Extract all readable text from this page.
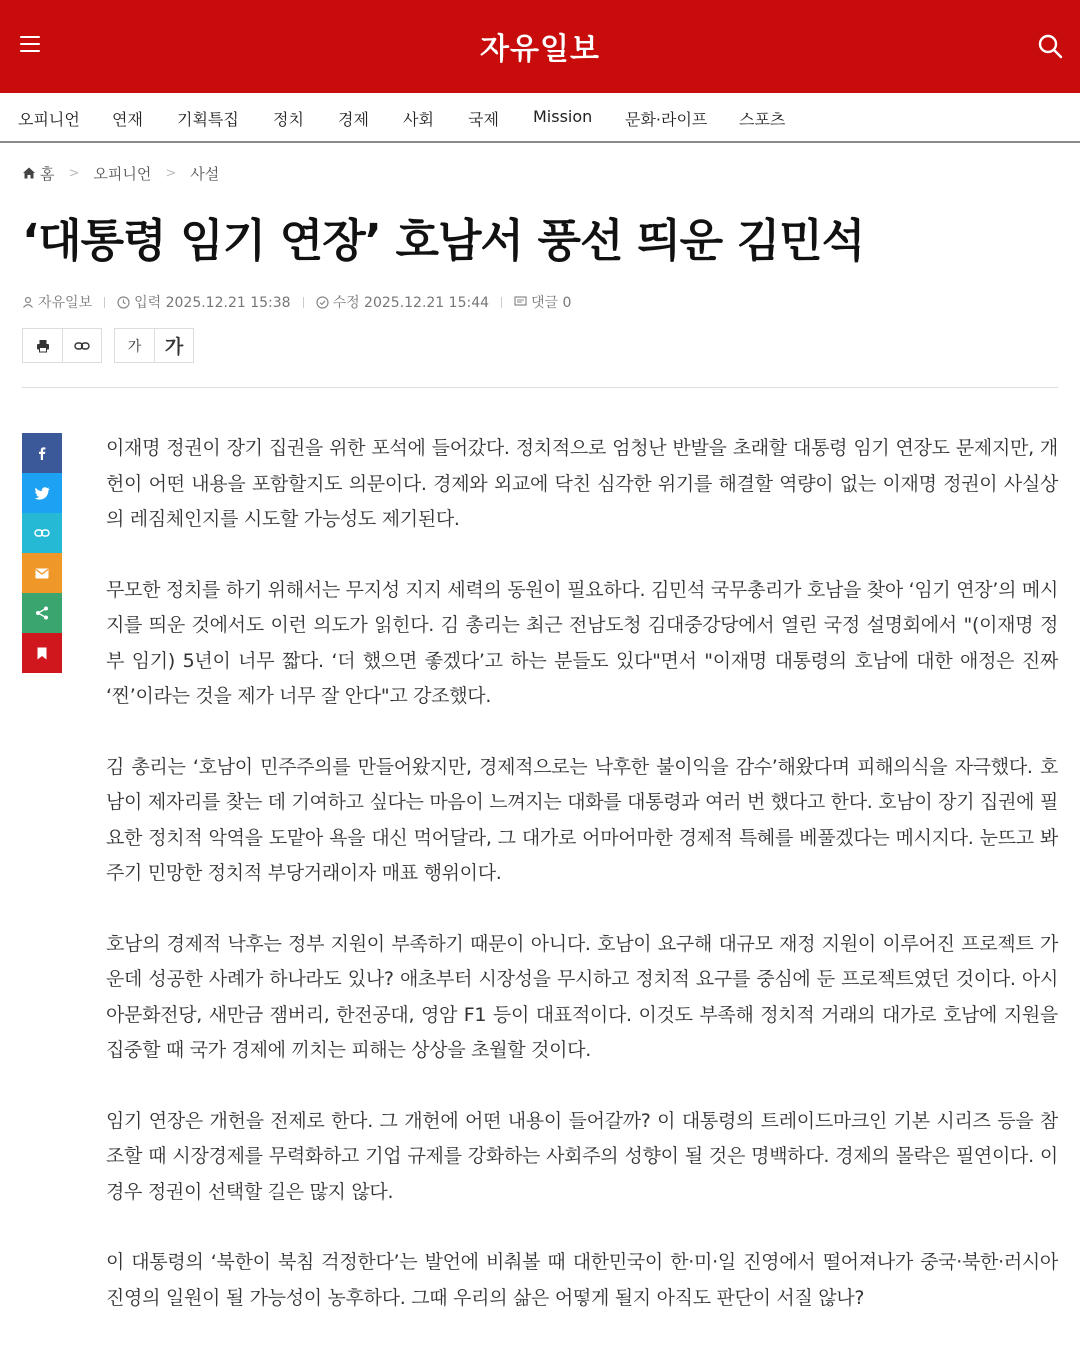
자유일보
오피니언 연재 기획특집 정치 경제 사회 국제 Mission 문화·라이프 스포츠
홈 > 오피니언 > 사설
‘대통령 임기 연장’ 호남서 풍선 띄운 김민석
자유일보	입력 2025.12.21 15:38	수정 2025.12.21 15:44	댓글 0
가	가

이재명 정권이 장기 집권을 위한 포석에 들어갔다. 정치적으로 엄청난 반발을 초래할 대통령 임기 연장도 문제지만, 개헌이 어떤 내용을 포함할지도 의문이다. 경제와 외교에 닥친 심각한 위기를 해결할 역량이 없는 이재명 정권이 사실상의 레짐체인지를 시도할 가능성도 제기된다.

무모한 정치를 하기 위해서는 무지성 지지 세력의 동원이 필요하다. 김민석 국무총리가 호남을 찾아 ‘임기 연장’의 메시지를 띄운 것에서도 이런 의도가 읽힌다. 김 총리는 최근 전남도청 김대중강당에서 열린 국정 설명회에서 "(이재명 정부 임기) 5년이 너무 짧다. ‘더 했으면 좋겠다’고 하는 분들도 있다"면서 "이재명 대통령의 호남에 대한 애정은 진짜 ‘찐’이라는 것을 제가 너무 잘 안다"고 강조했다.

김 총리는 ‘호남이 민주주의를 만들어왔지만, 경제적으로는 낙후한 불이익을 감수’해왔다며 피해의식을 자극했다. 호남이 제자리를 찾는 데 기여하고 싶다는 마음이 느껴지는 대화를 대통령과 여러 번 했다고 한다. 호남이 장기 집권에 필요한 정치적 악역을 도맡아 욕을 대신 먹어달라, 그 대가로 어마어마한 경제적 특혜를 베풀겠다는 메시지다. 눈뜨고 봐주기 민망한 정치적 부당거래이자 매표 행위이다.

호남의 경제적 낙후는 정부 지원이 부족하기 때문이 아니다. 호남이 요구해 대규모 재정 지원이 이루어진 프로젝트 가운데 성공한 사례가 하나라도 있나? 애초부터 시장성을 무시하고 정치적 요구를 중심에 둔 프로젝트였던 것이다. 아시아문화전당, 새만금 잼버리, 한전공대, 영암 F1 등이 대표적이다. 이것도 부족해 정치적 거래의 대가로 호남에 지원을 집중할 때 국가 경제에 끼치는 피해는 상상을 초월할 것이다.

임기 연장은 개헌을 전제로 한다. 그 개헌에 어떤 내용이 들어갈까? 이 대통령의 트레이드마크인 기본 시리즈 등을 참조할 때 시장경제를 무력화하고 기업 규제를 강화하는 사회주의 성향이 될 것은 명백하다. 경제의 몰락은 필연이다. 이 경우 정권이 선택할 길은 많지 않다.

이 대통령의 ‘북한이 북침 걱정한다’는 발언에 비춰볼 때 대한민국이 한·미·일 진영에서 떨어져나가 중국·북한·러시아 진영의 일원이 될 가능성이 농후하다. 그때 우리의 삶은 어떻게 될지 아직도 판단이 서질 않나?
